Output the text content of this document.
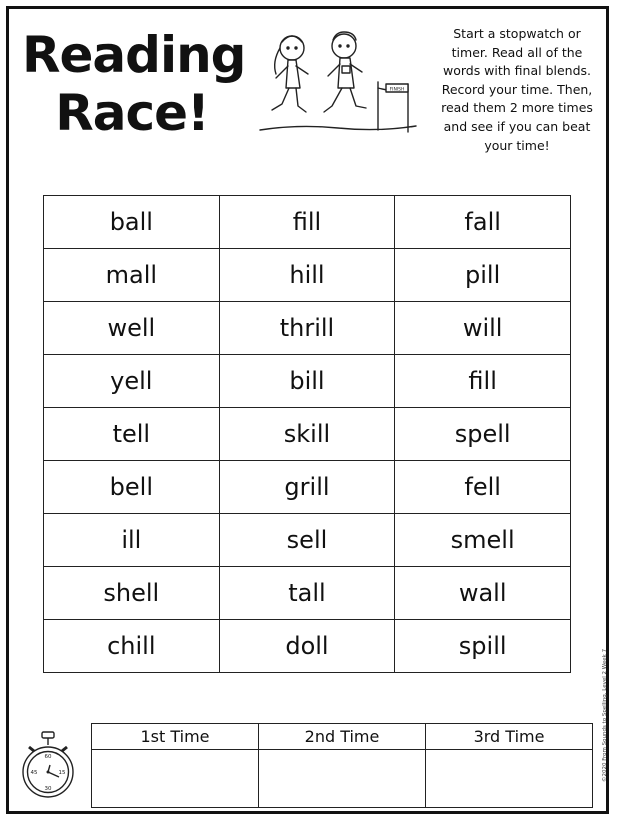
Reading
Race!	FINISH
Start a stopwatch or timer. Read all of the words with final blends. Record your time. Then, read them 2 more times and see if you can beat your time!
ball	fill	fall
mall	hill	pill
well	thrill	will
yell	bill	fill
tell	skill	spell
bell	grill	fell
ill	sell	smell
shell	tall	wall
chill	doll	spill
60
15
30
45
1st Time	2nd Time	3rd Time
			©2020 From Sounds to Spelling, Level 2 Week 7
